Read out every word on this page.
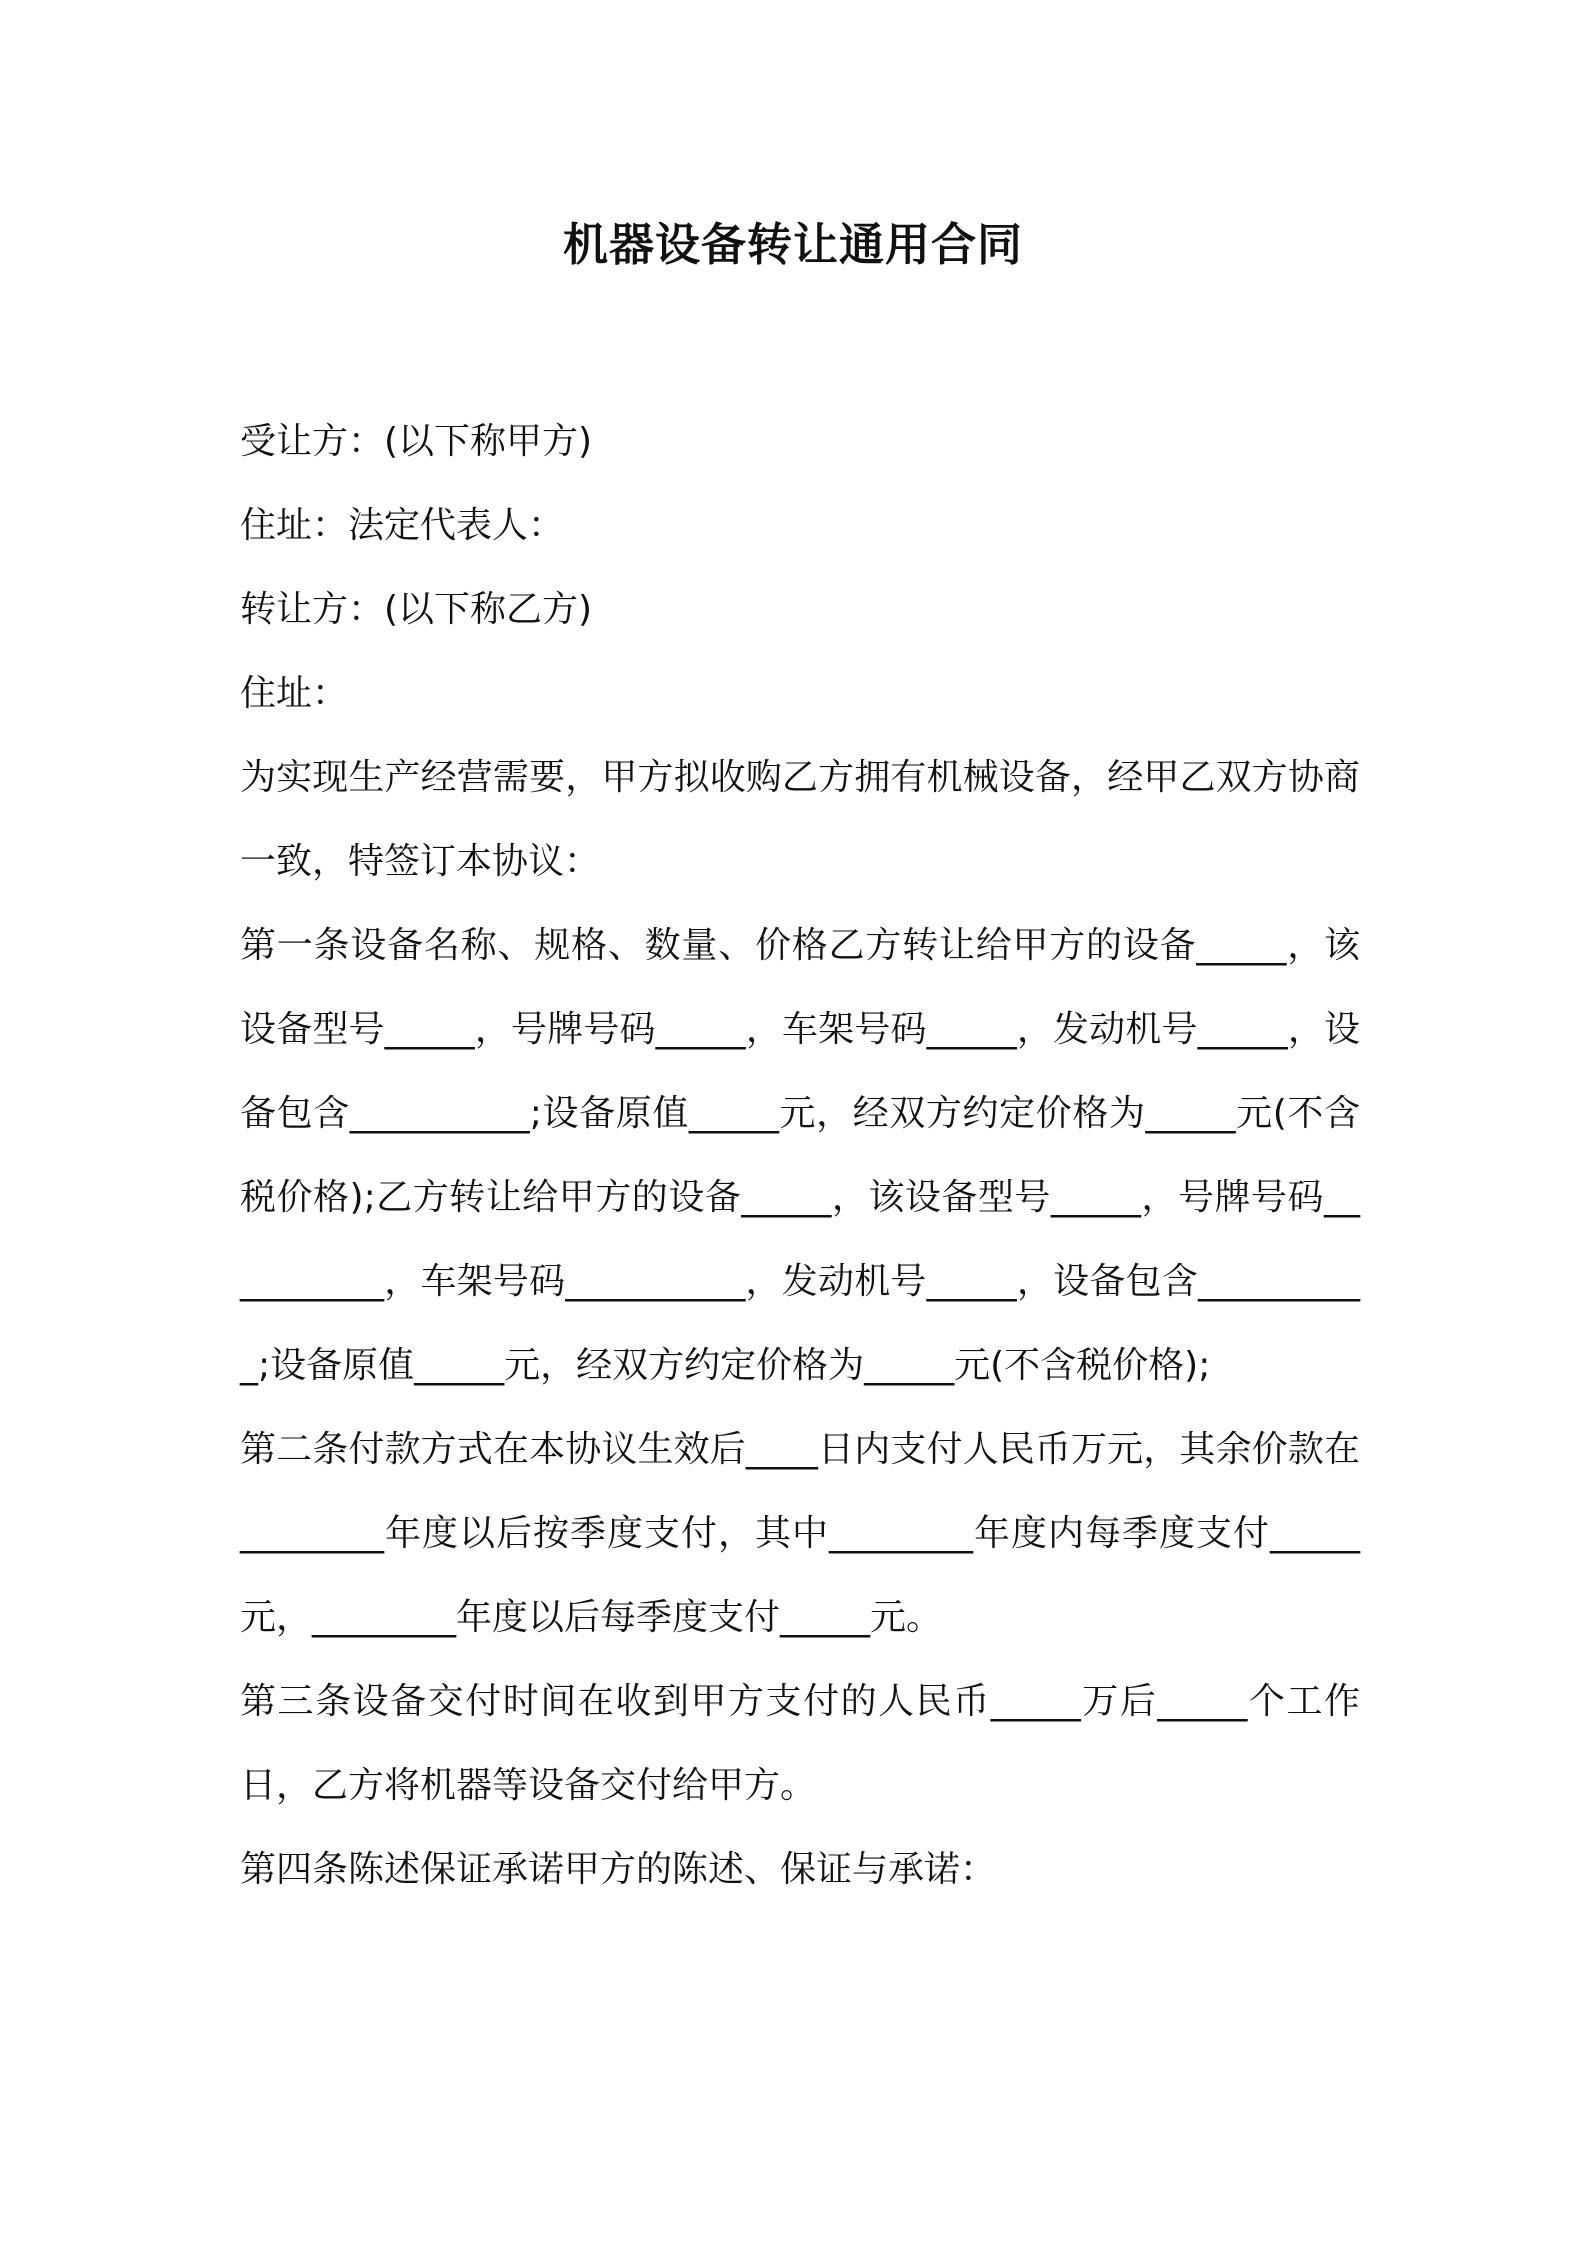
机器设备转让通用合同

受让方：(以下称甲方)

住址：法定代表人：

转让方：(以下称乙方)

住址：

为实现生产经营需要，甲方拟收购乙方拥有机械设备，经甲乙双方协商一致，特签订本协议：

第一条设备名称、规格、数量、价格乙方转让给甲方的设备_____，该设备型号_____，号牌号码_____，车架号码_____，发动机号_____，设备包含__________;设备原值_____元，经双方约定价格为_____元(不含税价格);乙方转让给甲方的设备_____，该设备型号_____，号牌号码__________，车架号码__________，发动机号_____，设备包含__________;设备原值_____元，经双方约定价格为_____元(不含税价格);

第二条付款方式在本协议生效后____日内支付人民币万元，其余价款在________年度以后按季度支付，其中________年度内每季度支付_____元，________年度以后每季度支付_____元。

第三条设备交付时间在收到甲方支付的人民币_____万后_____个工作日，乙方将机器等设备交付给甲方。

第四条陈述保证承诺甲方的陈述、保证与承诺：
